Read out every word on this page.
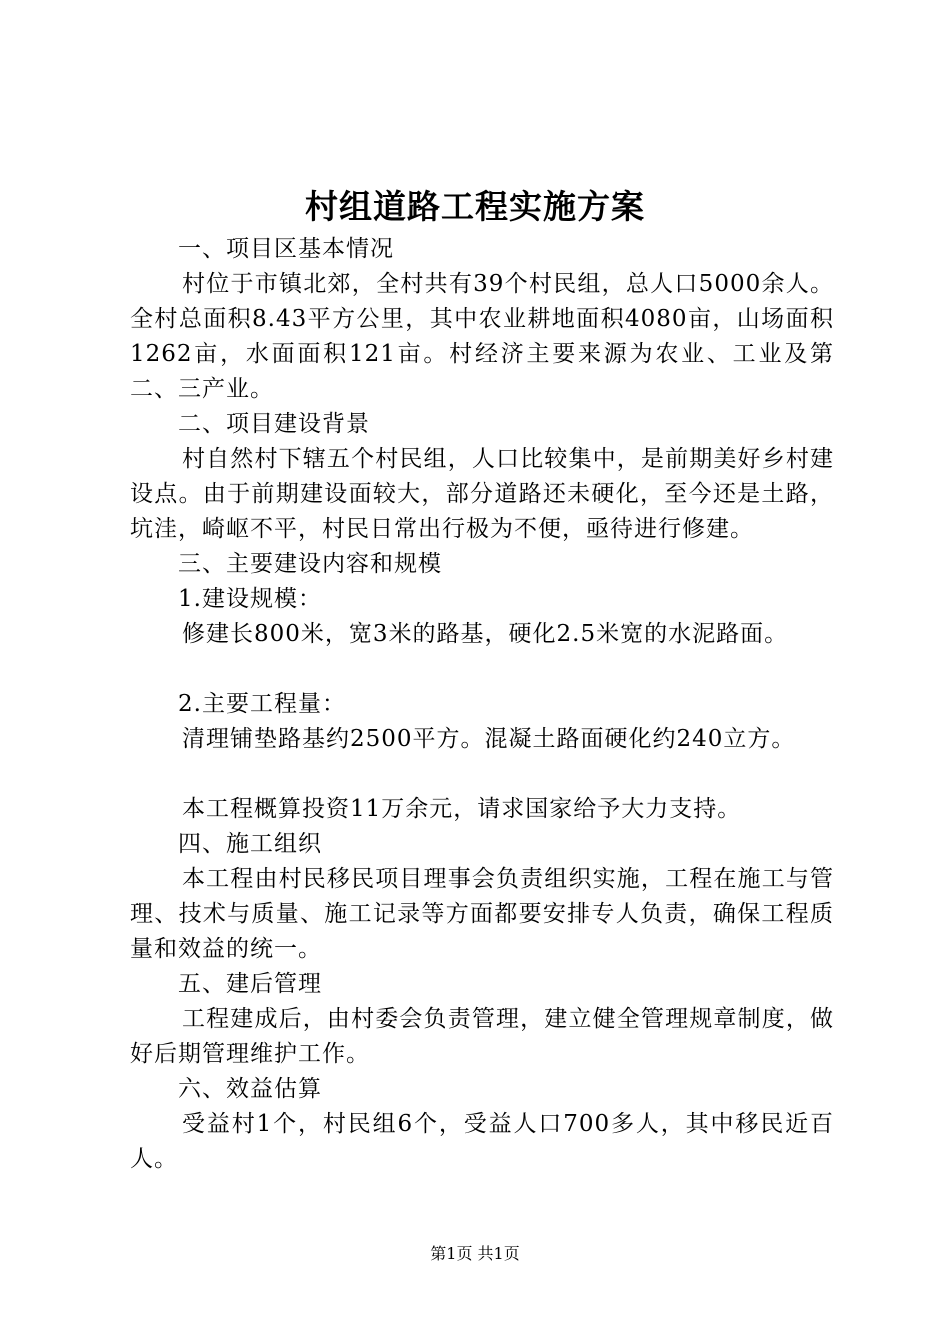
村组道路工程实施方案

一、项目区基本情况

村位于市镇北郊，全村共有39个村民组，总人口5000余人。全村总面积8.43平方公里，其中农业耕地面积4080亩，山场面积1262亩，水面面积121亩。村经济主要来源为农业、工业及第二、三产业。

二、项目建设背景

村自然村下辖五个村民组，人口比较集中，是前期美好乡村建设点。由于前期建设面较大，部分道路还未硬化，至今还是土路，坑洼，崎岖不平，村民日常出行极为不便，亟待进行修建。

三、主要建设内容和规模

1.建设规模：

修建长800米，宽3米的路基，硬化2.5米宽的水泥路面。

2.主要工程量：

清理铺垫路基约2500平方。混凝土路面硬化约240立方。

本工程概算投资11万余元，请求国家给予大力支持。

四、施工组织

本工程由村民移民项目理事会负责组织实施，工程在施工与管理、技术与质量、施工记录等方面都要安排专人负责，确保工程质量和效益的统一。

五、建后管理

工程建成后，由村委会负责管理，建立健全管理规章制度，做好后期管理维护工作。

六、效益估算

受益村1个，村民组6个，受益人口700多人，其中移民近百人。

第1页 共1页
